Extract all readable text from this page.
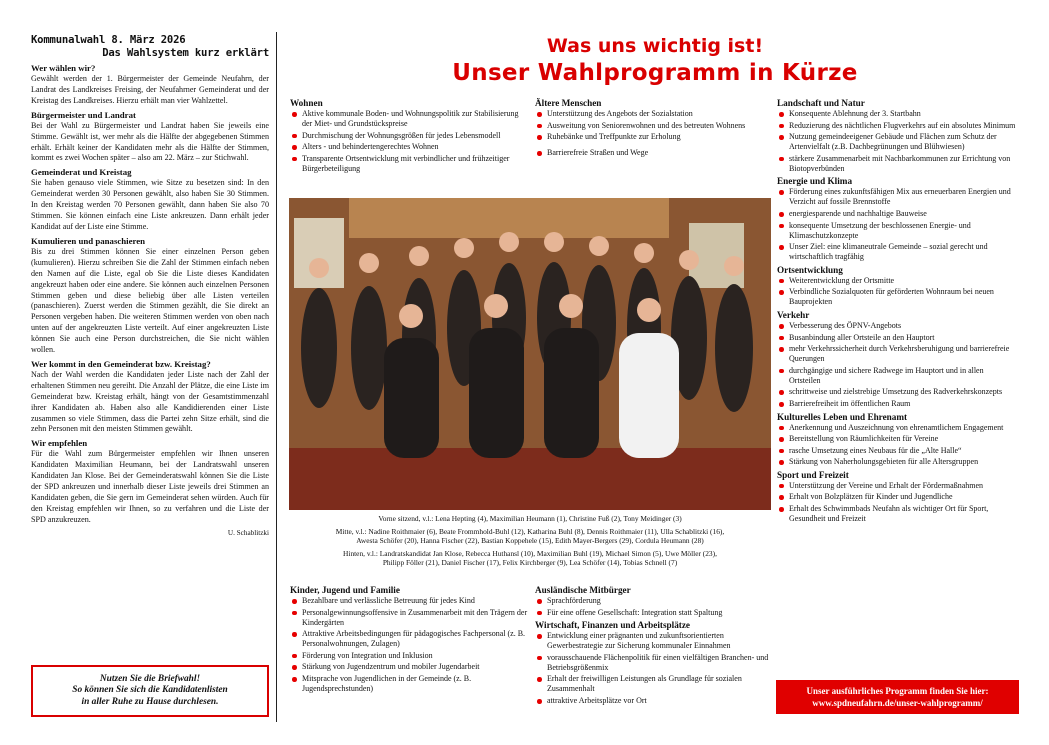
Kommunalwahl 8. März 2026
Das Wahlsystem kurz erklärt
Wer wählen wir?
Gewählt werden der 1. Bürgermeister der Gemeinde Neufahrn, der Landrat des Landkreises Freising, der Neufahrner Gemeinderat und der Kreistag des Landkreises. Hierzu erhält man vier Wahlzettel.
Bürgermeister und Landrat
Bei der Wahl zu Bürgermeister und Landrat haben Sie jeweils eine Stimme. Gewählt ist, wer mehr als die Hälfte der abgegebenen Stimmen erhält. Erhält keiner der Kandidaten mehr als die Hälfte der Stimmen, kommt es zwei Wochen später – also am 22. März – zur Stichwahl.
Gemeinderat und Kreistag
Sie haben genauso viele Stimmen, wie Sitze zu besetzen sind: In den Gemeinderat werden 30 Personen gewählt, also haben Sie 30 Stimmen. In den Kreistag werden 70 Personen gewählt, dann haben Sie also 70 Stimmen. Sie können einfach eine Liste ankreuzen. Dann erhält jeder Kandidat auf der Liste eine Stimme.
Kumulieren und panaschieren
Bis zu drei Stimmen können Sie einer einzelnen Person geben (kumulieren). Hierzu schreiben Sie die Zahl der Stimmen einfach neben den Namen auf die Liste, egal ob Sie die Liste dieses Kandidaten angekreuzt haben oder eine andere. Sie können auch einzelnen Personen Stimmen geben und diese beliebig über alle Listen verteilen (panaschieren). Zuerst werden die Stimmen gezählt, die Sie direkt an Personen vergeben haben. Die weiteren Stimmen werden von oben nach unten auf der angekreuzten Liste verteilt. Auf einer angekreuzten Liste können Sie auch eine Person durchstreichen, die Sie nicht wählen wollen.
Wer kommt in den Gemeinderat bzw. Kreistag?
Nach der Wahl werden die Kandidaten jeder Liste nach der Zahl der erhaltenen Stimmen neu gereiht. Die Anzahl der Plätze, die eine Liste im Gemeinderat bzw. Kreistag erhält, hängt von der Gesamtstimmenzahl ihrer Kandidaten ab. Haben also alle Kandidierenden einer Liste zusammen so viele Stimmen, dass die Partei zehn Sitze erhält, sind die zehn Personen mit den meisten Stimmen gewählt.
Wir empfehlen
Für die Wahl zum Bürgermeister empfehlen wir Ihnen unseren Kandidaten Maximilian Heumann, bei der Landratswahl unseren Kandidaten Jan Klose. Bei der Gemeinderatswahl können Sie die Liste der SPD ankreuzen und innerhalb dieser Liste jeweils drei Stimmen an Kandidaten geben, die Sie gern im Gemeinderat sehen würden. Auch für den Kreistag empfehlen wir Ihnen, so zu verfahren und die Liste der SPD anzukreuzen.
U. Schablitzki
Nutzen Sie die Briefwahl!
So können Sie sich die Kandidatenlisten
in aller Ruhe zu Hause durchlesen.
Was uns wichtig ist!
Unser Wahlprogramm in Kürze
Wohnen
Aktive kommunale Boden- und Wohnungspolitik zur Stabilisierung der Miet- und Grundstückspreise
Durchmischung der Wohnungsgrößen für jedes Lebensmodell
Alters - und behindertengerechtes Wohnen
Transparente Ortsentwicklung mit verbindlicher und frühzeitiger Bürgerbeteiligung
Ältere Menschen
Unterstützung des Angebots der Sozialstation
Ausweitung von Seniorenwohnen und des betreuten Wohnens
Ruhebänke und Treffpunkte zur Erholung
Barrierefreie Straßen und Wege
Landschaft und Natur
Konsequente Ablehnung der 3. Startbahn
Reduzierung des nächtlichen Flugverkehrs auf ein absolutes Minimum
Nutzung gemeindeeigener Gebäude und Flächen zum Schutz der Artenvielfalt (z.B. Dachbegrünungen und Blühwiesen)
stärkere Zusammenarbeit mit Nachbarkommunen zur Errichtung von Biotopverbünden
Energie und Klima
Förderung eines zukunftsfähigen Mix aus erneuerbaren Energien und Verzicht auf fossile Brennstoffe
energiesparende und nachhaltige Bauweise
konsequente Umsetzung der beschlossenen Energie- und Klimaschutzkonzepte
Unser Ziel: eine klimaneutrale Gemeinde – sozial gerecht und wirtschaftlich tragfähig
Ortsentwicklung
Weiterentwicklung der Ortsmitte
Verbindliche Sozialquoten für geförderten Wohnraum bei neuen Bauprojekten
Verkehr
Verbesserung des ÖPNV-Angebots
Busanbindung aller Ortsteile an den Hauptort
mehr Verkehrssicherheit durch Verkehrsberuhigung und barrierefreie Querungen
durchgängige und sichere Radwege im Hauptort und in allen Ortsteilen
schrittweise und zielstrebige Umsetzung des Radverkehrskonzepts
Barrierefreiheit im öffentlichen Raum
Kulturelles Leben und Ehrenamt
Anerkennung und Auszeichnung von ehrenamtlichem Engagement
Bereitstellung von Räumlichkeiten für Vereine
rasche Umsetzung eines Neubaus für die „Alte Halle“
Stärkung von Naherholungsgebieten für alle Altersgruppen
Sport und Freizeit
Unterstützung der Vereine und Erhalt der Fördermaßnahmen
Erhalt von Bolzplätzen für Kinder und Jugendliche
Erhalt des Schwimmbads Neufahn als wichtiger Ort für Sport, Gesundheit und Freizeit
Vorne sitzend, v.l.: Lena Hepting (4), Maximilian Heumann (1), Christine Fuß (2), Tony Meidinger (3)
Mitte, v.l.: Nadine Roithmaier (6), Beate Frommhold-Buhl (12), Katharina Buhl (8), Dennis Roithmaier (11), Ulla Schablitzki (16),
Awesta Schöfer (20), Hanna Fischer (22), Bastian Koppehele (15), Edith Mayer-Bergers (29), Cordula Heumann (28)
Hinten, v.l.: Landratskandidat Jan Klose, Rebecca Huthansl (10), Maximilian Buhl (19), Michael Simon (5), Uwe Möller (23),
Philipp Föller (21), Daniel Fischer (17), Felix Kirchberger (9), Lea Schöfer (14), Tobias Schnell (7)
Kinder, Jugend und Familie
Bezahlbare und verlässliche Betreuung für jedes Kind
Personalgewinnungsoffensive in Zusammenarbeit mit den Trägern der Kindergärten
Attraktive Arbeitsbedingungen für pädagogisches Fachpersonal (z. B. Personalwohnungen, Zulagen)
Förderung von Integration und Inklusion
Stärkung von Jugendzentrum und mobiler Jugendarbeit
Mitsprache von Jugendlichen in der Gemeinde (z. B. Jugendsprechstunden)
Ausländische Mitbürger
Sprachförderung
Für eine offene Gesellschaft: Integration statt Spaltung
Wirtschaft, Finanzen und Arbeitsplätze
Entwicklung einer prägnanten und zukunftsorientierten Gewerbestrategie zur Sicherung kommunaler Einnahmen
vorausschauende Flächenpolitik für einen vielfältigen Branchen- und Betriebsgrößenmix
Erhalt der freiwilligen Leistungen als Grundlage für sozialen Zusammenhalt
attraktive Arbeitsplätze vor Ort
Unser ausführliches Programm finden Sie hier:
www.spdneufahrn.de/unser-wahlprogramm/
